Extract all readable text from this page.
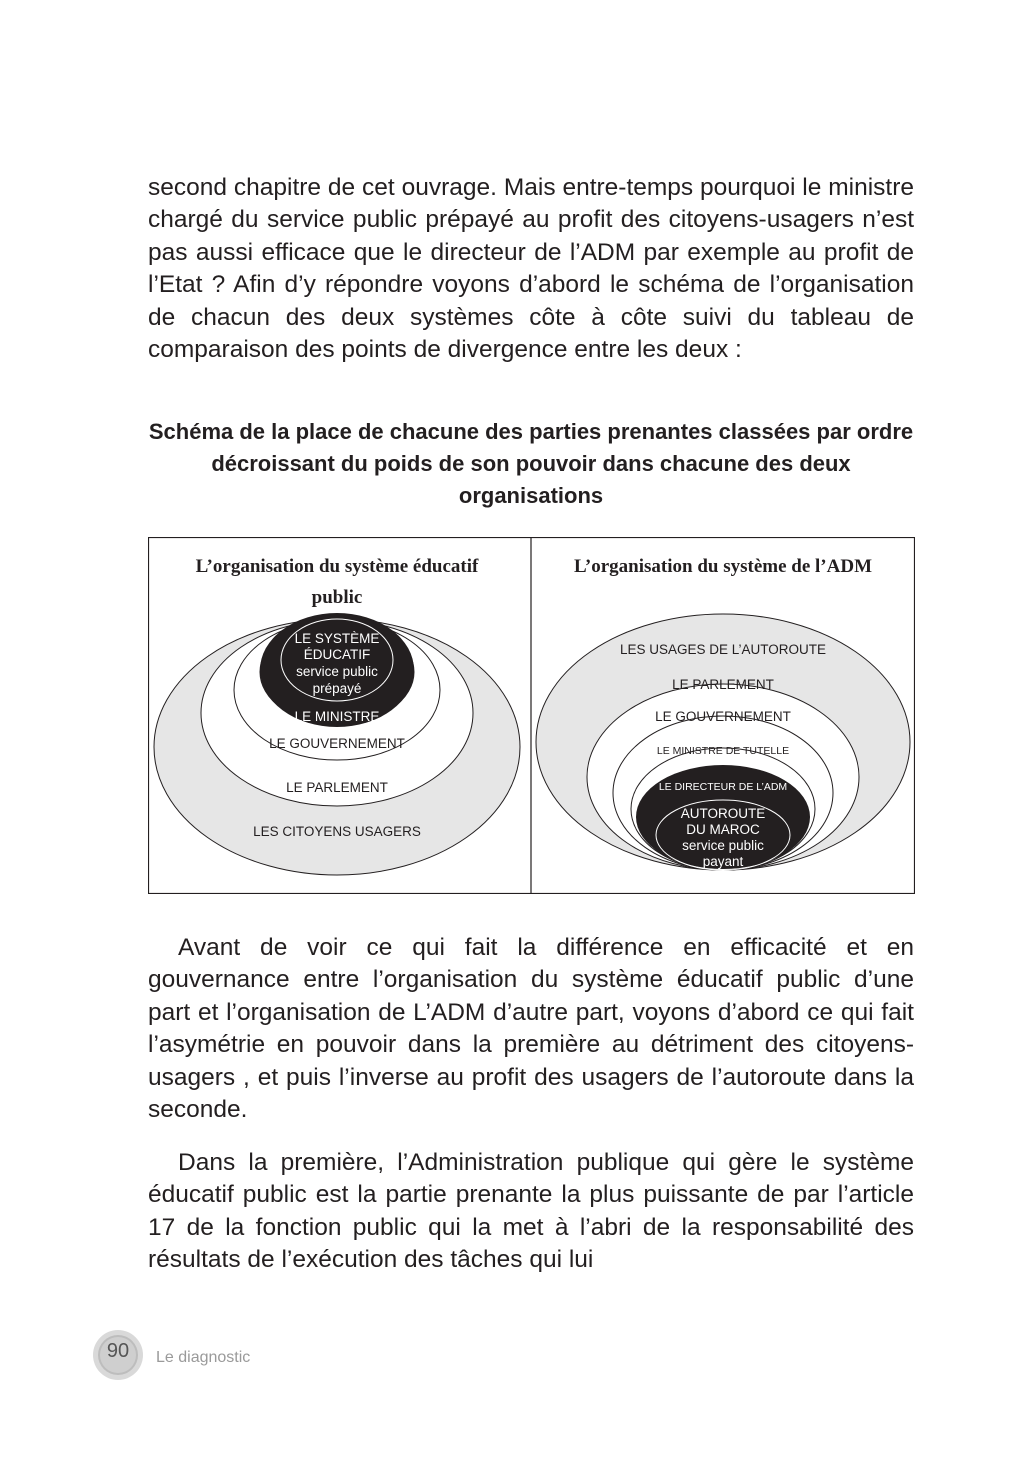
second chapitre de cet ouvrage. Mais entre-temps pourquoi le ministre chargé du service public prépayé au profit des citoyens-usagers n’est pas aussi efficace que le directeur de l’ADM par exemple au profit de l’Etat ? Afin d’y répondre voyons d’abord le schéma de l’organisation de chacun des deux systèmes côte à côte suivi du tableau de comparaison des points de divergence entre les deux :

Schéma de la place de chacune des parties prenantes classées par ordre décroissant du poids de son pouvoir dans chacune des deux organisations

L’organisation du système éducatif
public
LE SYSTÈME
ÉDUCATIF
service public
prépayé
LE MINISTRE
LE GOUVERNEMENT
LE PARLEMENT
LES CITOYENS USAGERS
L’organisation du système de l’ADM
LES USAGES DE L’AUTOROUTE
LE PARLEMENT
LE GOUVERNEMENT
LE MINISTRE DE TUTELLE
LE DIRECTEUR DE L’ADM
AUTOROUTE
DU MAROC
service public
payant

Avant de voir ce qui fait la différence en efficacité et en gouvernance entre l’organisation du système éducatif public d’une part et l’organisation de L’ADM d’autre part, voyons d’abord ce qui fait l’asymétrie en pouvoir dans la première au détriment des citoyens-usagers , et puis l’inverse au profit des usagers de l’autoroute dans la seconde.

Dans la première, l’Administration publique qui gère le système éducatif public est la partie prenante la plus puissante de par l’article 17 de la fonction public qui la met à l’abri de la responsabilité des résultats de l’exécution des tâches qui lui

90	Le diagnostic
